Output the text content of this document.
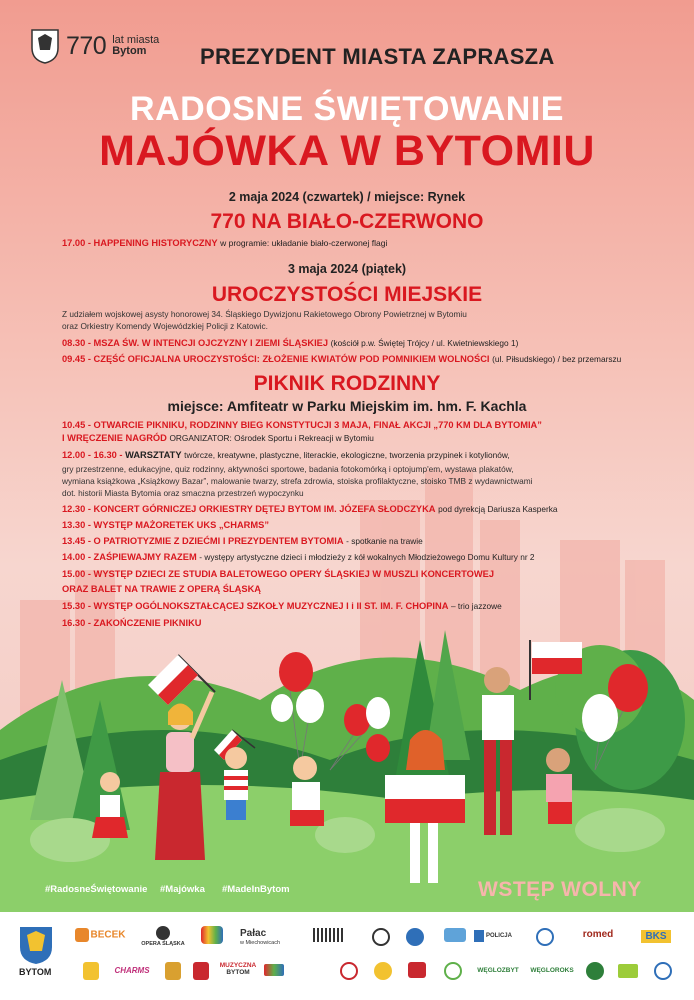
770 lat miasta
Bytom	PREZYDENT MIASTA ZAPRASZA
RADOSNE ŚWIĘTOWANIE
MAJÓWKA W BYTOMIU
2 maja 2024 (czwartek) / miejsce: Rynek
770 NA BIAŁO-CZERWONO
17.00 - HAPPENING HISTORYCZNY w programie: układanie biało-czerwonej flagi
3 maja 2024 (piątek)
UROCZYSTOŚCI MIEJSKIE
Z udziałem wojskowej asysty honorowej 34. Śląskiego Dywizjonu Rakietowego Obrony Powietrznej w Bytomiu
oraz Orkiestry Komendy Wojewódzkiej Policji z Katowic.
08.30 - MSZA ŚW. W INTENCJI OJCZYZNY I ZIEMI ŚLĄSKIEJ (kościół p.w. Świętej Trójcy / ul. Kwietniewskiego 1)
09.45 - CZĘŚĆ OFICJALNA UROCZYSTOŚCI: ZŁOŻENIE KWIATÓW POD POMNIKIEM WOLNOŚCI (ul. Piłsudskiego) / bez przemarszu
PIKNIK RODZINNY
miejsce: Amfiteatr w Parku Miejskim im. hm. F. Kachla
10.45 - OTWARCIE PIKNIKU, RODZINNY BIEG KONSTYTUCJI 3 MAJA, FINAŁ AKCJI „770 KM DLA BYTOMIA”
I WRĘCZENIE NAGRÓD ORGANIZATOR: Ośrodek Sportu i Rekreacji w Bytomiu
12.00 - 16.30 - WARSZTATY twórcze, kreatywne, plastyczne, literackie, ekologiczne, tworzenia przypinek i kotylionów,
gry przestrzenne, edukacyjne, quiz rodzinny, aktywności sportowe, badania fotokomórką i optojump'em, wystawa plakatów,
wymiana książkowa „Książkowy Bazar”, malowanie twarzy, strefa zdrowia, stoiska profilaktyczne, stoisko TMB z wydawnictwami
dot. historii Miasta Bytomia oraz smaczna przestrzeń wypoczynku
12.30 - KONCERT GÓRNICZEJ ORKIESTRY DĘTEJ BYTOM IM. JÓZEFA SŁODCZYKA pod dyrekcją Dariusza Kasperka
13.30 - WYSTĘP MAŻORETEK UKS „CHARMS”
13.45 - O PATRIOTYZMIE Z DZIEĆMI I PREZYDENTEM BYTOMIA - spotkanie na trawie
14.00 - ZAŚPIEWAJMY RAZEM - występy artystyczne dzieci i młodzieży z kół wokalnych Młodzieżowego Domu Kultury nr 2
15.00 - WYSTĘP DZIECI ZE STUDIA BALETOWEGO OPERY ŚLĄSKIEJ W MUSZLI KONCERTOWEJ
ORAZ BALET NA TRAWIE Z OPERĄ ŚLĄSKĄ
15.30 - WYSTĘP OGÓLNOKSZTAŁCĄCEJ SZKOŁY MUZYCZNEJ I i II ST. IM. F. CHOPINA – trio jazzowe
16.30 - ZAKOŃCZENIE PIKNIKU
#RadosneŚwiętowanie #Majówka #MadeInBytom	WSTĘP WOLNY
BYTOM
BECEK
OPERA ŚLĄSKA
Pałac
w Miechowicach
POLICJA	romed	BKS
CHARMS
MUZYCZNA
BYTOM	WĘGLOZBYT	WĘGLOROKS
